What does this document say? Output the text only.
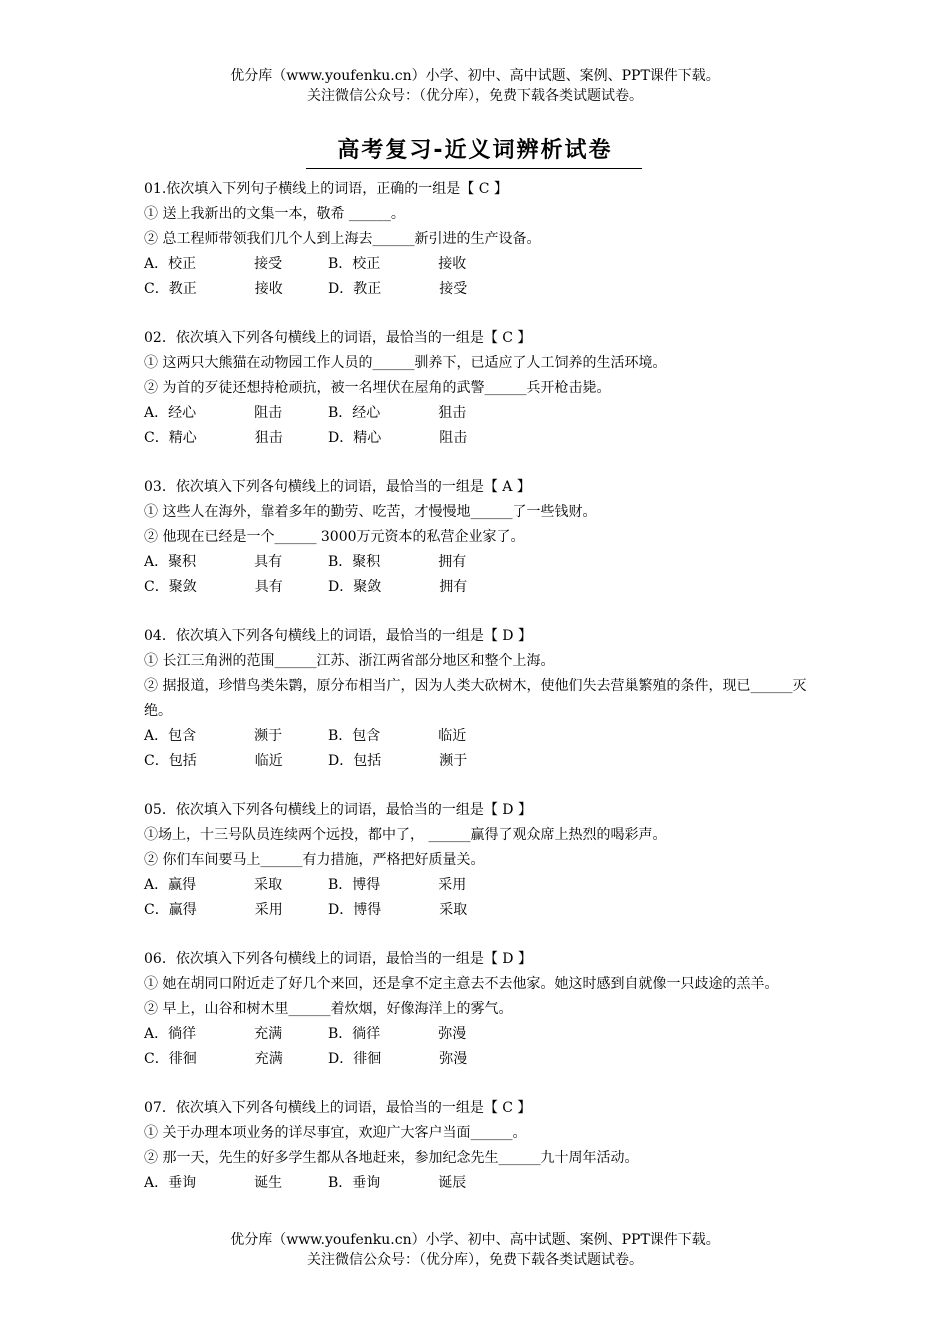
优分库（www.youfenku.cn）小学、初中、高中试题、案例、PPT课件下载。
关注微信公众号：（优分库），免费下载各类试题试卷。
高考复习-近义词辨析试卷
01.依次填入下列句子横线上的词语，正确的一组是【 C 】
① 送上我新出的文集一本，敬希 ______。
② 总工程师带领我们几个人到上海去______新引进的生产设备。
A．校正	接受	B．校正	接收
C．教正	接收	D．教正	接受
02．依次填入下列各句横线上的词语，最恰当的一组是【 C 】
① 这两只大熊猫在动物园工作人员的______驯养下，已适应了人工饲养的生活环境。
② 为首的歹徒还想持枪顽抗，被一名埋伏在屋角的武警______兵开枪击毙。
A．经心	阻击	B．经心	狙击
C．精心	狙击	D．精心	阻击
03．依次填入下列各句横线上的词语，最恰当的一组是【 A 】
① 这些人在海外，靠着多年的勤劳、吃苦，才慢慢地______了一些钱财。
② 他现在已经是一个______ 3000万元资本的私营企业家了。
A．聚积	具有	B．聚积	拥有
C．聚敛	具有	D．聚敛	拥有
04．依次填入下列各句横线上的词语，最恰当的一组是【 D 】
① 长江三角洲的范围______江苏、浙江两省部分地区和整个上海。
② 据报道，珍惜鸟类朱鹮，原分布相当广，因为人类大砍树木，使他们失去营巢繁殖的条件，现已______灭绝。
A．包含	濒于	B．包含	临近
C．包括	临近	D．包括	濒于
05．依次填入下列各句横线上的词语，最恰当的一组是【 D 】
①场上，十三号队员连续两个远投，都中了， ______赢得了观众席上热烈的喝彩声。
② 你们车间要马上______有力措施，严格把好质量关。
A．赢得	采取	B．博得	采用
C．赢得	采用	D．博得	采取
06．依次填入下列各句横线上的词语，最恰当的一组是【 D 】
① 她在胡同口附近走了好几个来回，还是拿不定主意去不去他家。她这时感到自就像一只歧途的羔羊。
② 早上，山谷和树木里______着炊烟，好像海洋上的雾气。
A．徜徉	充满	B．徜徉	弥漫
C．徘徊	充满	D．徘徊	弥漫
07．依次填入下列各句横线上的词语，最恰当的一组是【 C 】
① 关于办理本项业务的详尽事宜，欢迎广大客户当面______。
② 那一天，先生的好多学生都从各地赶来，参加纪念先生______九十周年活动。
A．垂询	诞生	B．垂询	诞辰
优分库（www.youfenku.cn）小学、初中、高中试题、案例、PPT课件下载。
关注微信公众号：（优分库），免费下载各类试题试卷。
